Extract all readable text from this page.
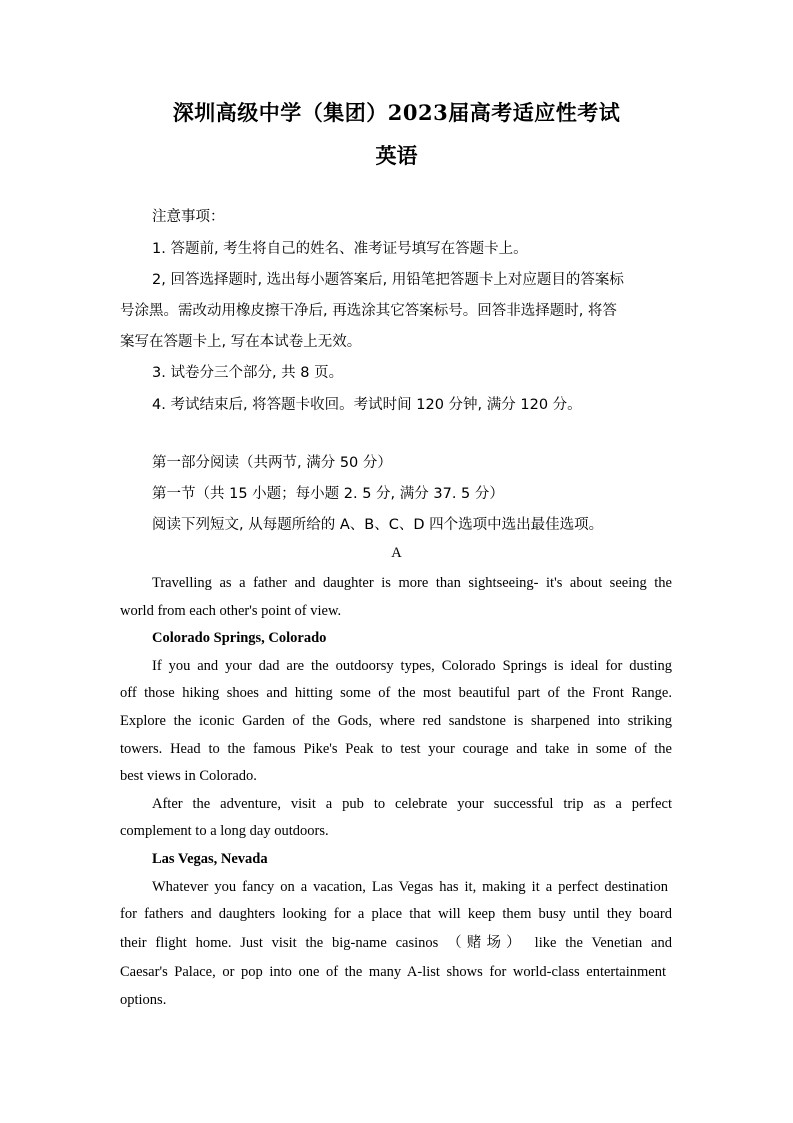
深圳高级中学（集团）2023届高考适应性考试
英语
注意事项：
1. 答题前, 考生将自己的姓名、准考证号填写在答题卡上。
2, 回答选择题时, 选出每小题答案后, 用铅笔把答题卡上对应题目的答案标
号涂黑。需改动用橡皮擦干净后, 再选涂其它答案标号。回答非选择题时, 将答
案写在答题卡上, 写在本试卷上无效。
3. 试卷分三个部分, 共 8 页。
4. 考试结束后, 将答题卡收回。考试时间 120 分钟, 满分 120 分。
第一部分阅读（共两节, 满分 50 分）
第一节（共 15 小题；每小题 2. 5 分, 满分 37. 5 分）
阅读下列短文, 从每题所给的 A、B、C、D 四个选项中选出最佳选项。
A
Travelling as a father and daughter is more than sightseeing- it's about seeing the
world from each other's point of view.
Colorado Springs, Colorado
If you and your dad are the outdoorsy types, Colorado Springs is ideal for dusting
off those hiking shoes and hitting some of the most beautiful part of the Front Range.
Explore the iconic Garden of the Gods, where red sandstone is sharpened into striking
towers. Head to the famous Pike's Peak to test your courage and take in some of the
best views in Colorado.
After the adventure, visit a pub to celebrate your successful trip as a perfect
complement to a long day outdoors.
Las Vegas, Nevada
Whatever you fancy on a vacation, Las Vegas has it, making it a perfect destination
for fathers and daughters looking for a place that will keep them busy until they board
their flight home. Just visit the big-name casinos （赌场） like the Venetian and
Caesar's Palace, or pop into one of the many A-list shows for world-class entertainment
options.
